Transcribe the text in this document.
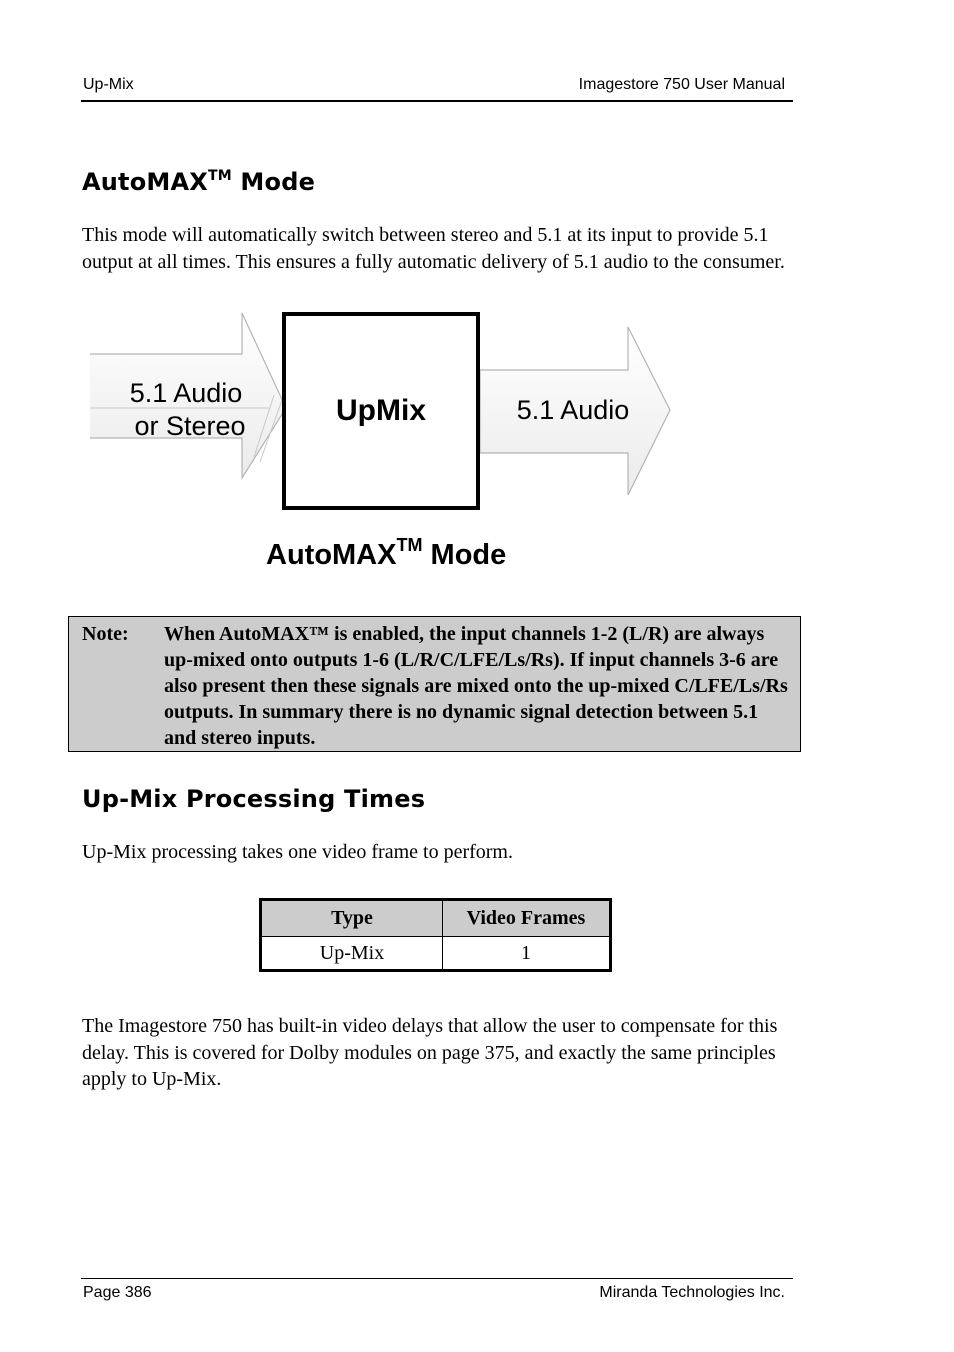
Up-Mix	Imagestore 750 User Manual
AutoMAX™ Mode

This mode will automatically switch between stereo and 5.1 at its input to provide 5.1 output at all times. This ensures a fully automatic delivery of 5.1 audio to the consumer.

5.1 Audio
or Stereo
5.1 Audio
UpMix
AutoMAX™ Mode
Note: When AutoMAX™ is enabled, the input channels 1-2 (L/R) are always up-mixed onto outputs 1-6 (L/R/C/LFE/Ls/Rs). If input channels 3-6 are also present then these signals are mixed onto the up-mixed C/LFE/Ls/Rs outputs. In summary there is no dynamic signal detection between 5.1 and stereo inputs.
Up-Mix Processing Times

Up-Mix processing takes one video frame to perform.

Type	Video Frames
Up-Mix	1

The Imagestore 750 has built-in video delays that allow the user to compensate for this delay. This is covered for Dolby modules on page 375, and exactly the same principles apply to Up-Mix.

Page 386	Miranda Technologies Inc.
